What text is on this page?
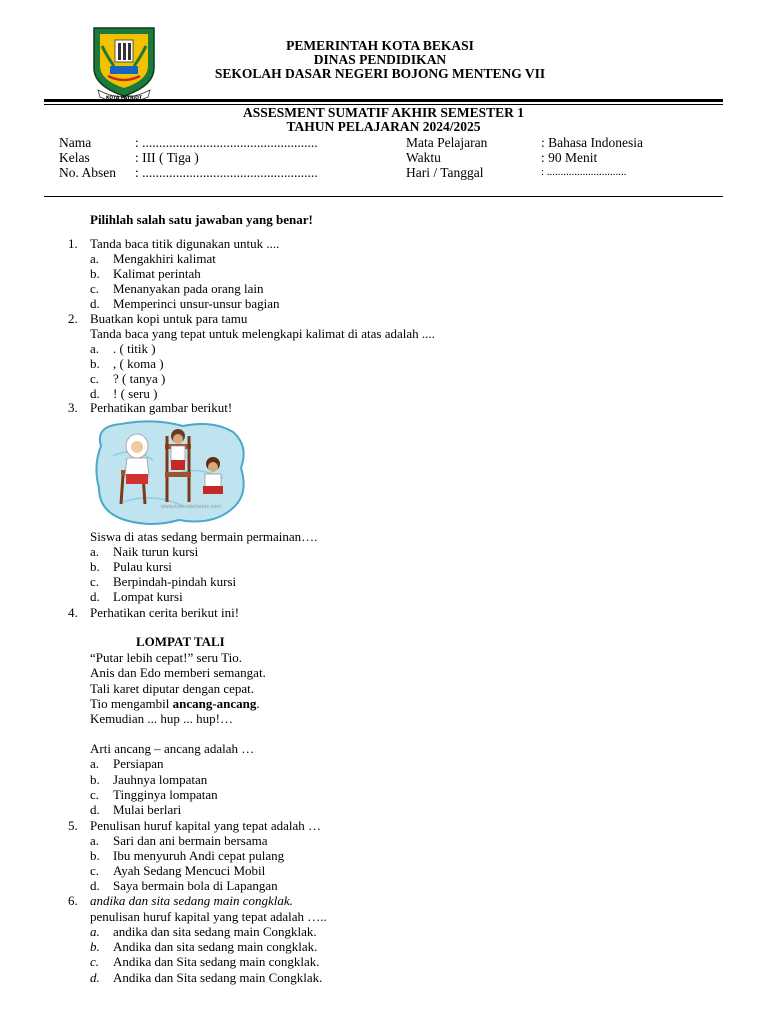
PEMERINTAH KOTA BEKASI
DINAS PENDIDIKAN
SEKOLAH DASAR NEGERI BOJONG MENTENG VII
ASSESMENT SUMATIF AKHIR SEMESTER 1
TAHUN PELAJARAN 2024/2025
Nama	: ....................................................	Mata Pelajaran	: Bahasa Indonesia
Kelas	: III ( Tiga )	Waktu	: 90 Menit
No. Absen : ....................................................	Hari / Tanggal	: .............................
Pilihlah salah satu jawaban yang benar!
1. Tanda baca titik digunakan untuk ....
a. Mengakhiri kalimat
b. Kalimat perintah
c. Menanyakan pada orang lain
d. Memperinci unsur-unsur bagian
2. Buatkan kopi untuk para tamu
Tanda baca yang tepat untuk melengkapi kalimat di atas adalah ....
a. . ( titik )
b. , ( koma )
c. ? ( tanya )
d. ! ( seru )
3. Perhatikan gambar berikut!
www.kalenderkelas.com
Siswa di atas sedang bermain permainan….
a. Naik turun kursi
b. Pulau kursi
c. Berpindah-pindah kursi
d. Lompat kursi
4. Perhatikan cerita berikut ini!
LOMPAT TALI
“Putar lebih cepat!” seru Tio.
Anis dan Edo memberi semangat.
Tali karet diputar dengan cepat.
Tio mengambil ancang-ancang.
Kemudian ... hup ... hup!…
Arti ancang – ancang adalah …
a. Persiapan
b. Jauhnya lompatan
c. Tingginya lompatan
d. Mulai berlari
5. Penulisan huruf kapital yang tepat adalah …
a. Sari dan ani bermain bersama
b. Ibu menyuruh Andi cepat pulang
c. Ayah Sedang Mencuci Mobil
d. Saya bermain bola di Lapangan
6. andika dan sita sedang main congklak.
penulisan huruf kapital yang tepat adalah …..
a. andika dan sita sedang main Congklak.
b. Andika dan sita sedang main congklak.
c. Andika dan Sita sedang main congklak.
d. Andika dan Sita sedang main Congklak.
